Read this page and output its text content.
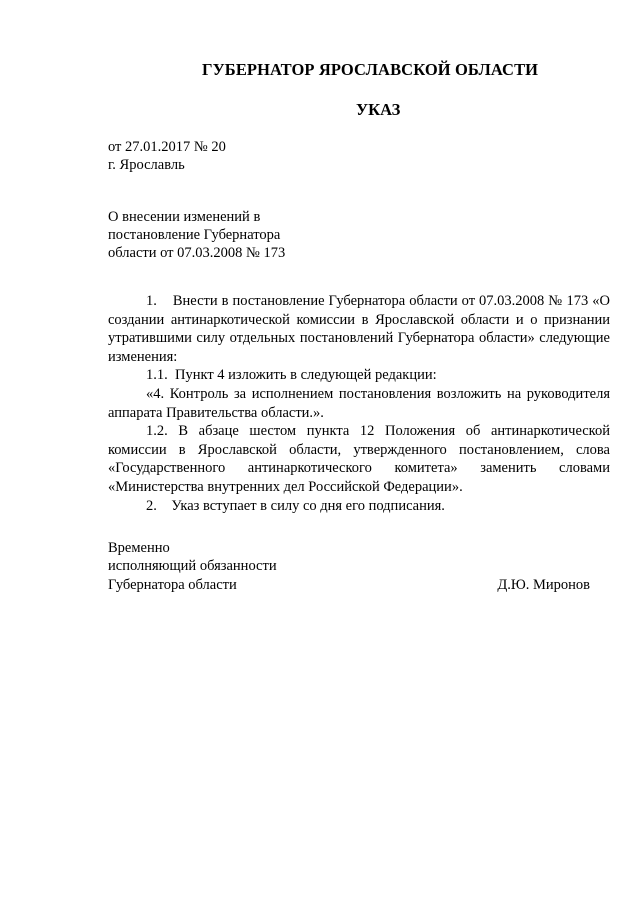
ГУБЕРНАТОР ЯРОСЛАВСКОЙ ОБЛАСТИ
УКАЗ
от 27.01.2017 № 20
г. Ярославль
О внесении изменений в
постановление Губернатора
области от 07.03.2008 № 173

1.    Внести в постановление Губернатора области от 07.03.2008 № 173 «О создании антинаркотической комиссии в Ярославской области и о признании утратившими силу отдельных постановлений Губернатора области» следующие изменения:

1.1.  Пункт 4 изложить в следующей редакции:

«4. Контроль за исполнением постановления возложить на руководителя аппарата Правительства области.».

1.2. В абзаце шестом пункта 12 Положения об антинаркотической комиссии в Ярославской области, утвержденного постановлением, слова «Государственного антинаркотического комитета» заменить словами «Министерства внутренних дел Российской Федерации».

2.    Указ вступает в силу со дня его подписания.

Временно
исполняющий обязанности
Губернатора области	Д.Ю. Миронов
